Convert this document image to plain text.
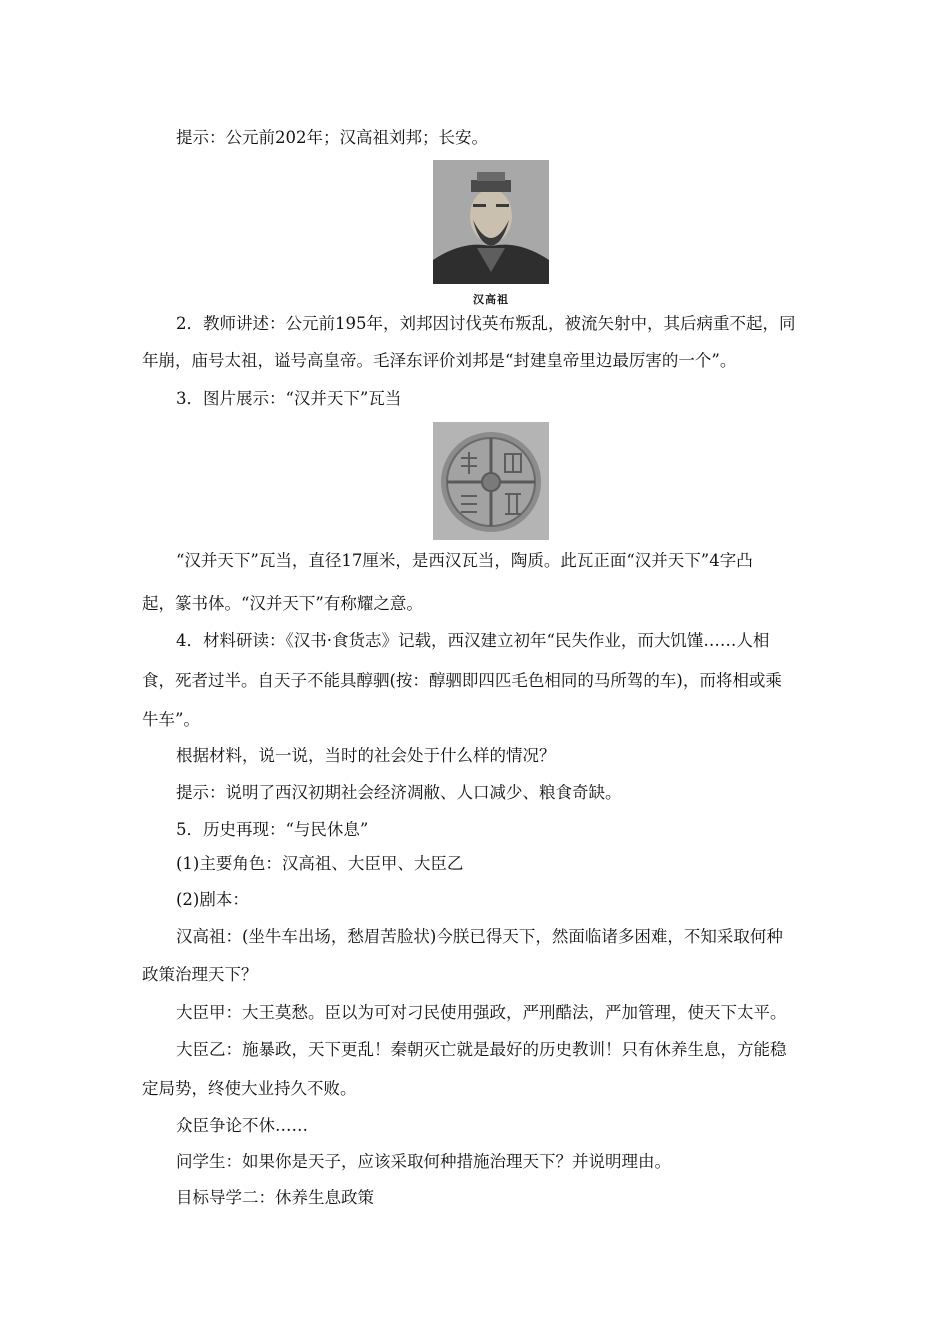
提示：公元前202年；汉高祖刘邦；长安。
汉高祖
2．教师讲述：公元前195年，刘邦因讨伐英布叛乱，被流矢射中，其后病重不起，同
年崩，庙号太祖，谥号高皇帝。毛泽东评价刘邦是“封建皇帝里边最厉害的一个”。
3．图片展示：“汉并天下”瓦当
“汉并天下”瓦当，直径17厘米，是西汉瓦当，陶质。此瓦正面“汉并天下”4字凸
起，篆书体。“汉并天下”有称耀之意。
4．材料研读：《汉书·食货志》记载，西汉建立初年“民失作业，而大饥馑……人相
食，死者过半。自天子不能具醇驷(按：醇驷即四匹毛色相同的马所驾的车)，而将相或乘
牛车”。
根据材料，说一说，当时的社会处于什么样的情况？
提示：说明了西汉初期社会经济凋敝、人口减少、粮食奇缺。
5．历史再现：“与民休息”
(1)主要角色：汉高祖、大臣甲、大臣乙
(2)剧本：
汉高祖：(坐牛车出场，愁眉苦脸状)今朕已得天下，然面临诸多困难，不知采取何种
政策治理天下？
大臣甲：大王莫愁。臣以为可对刁民使用强政，严刑酷法，严加管理，使天下太平。
大臣乙：施暴政，天下更乱！秦朝灭亡就是最好的历史教训！只有休养生息，方能稳
定局势，终使大业持久不败。
众臣争论不休……
问学生：如果你是天子，应该采取何种措施治理天下？并说明理由。
目标导学二：休养生息政策
